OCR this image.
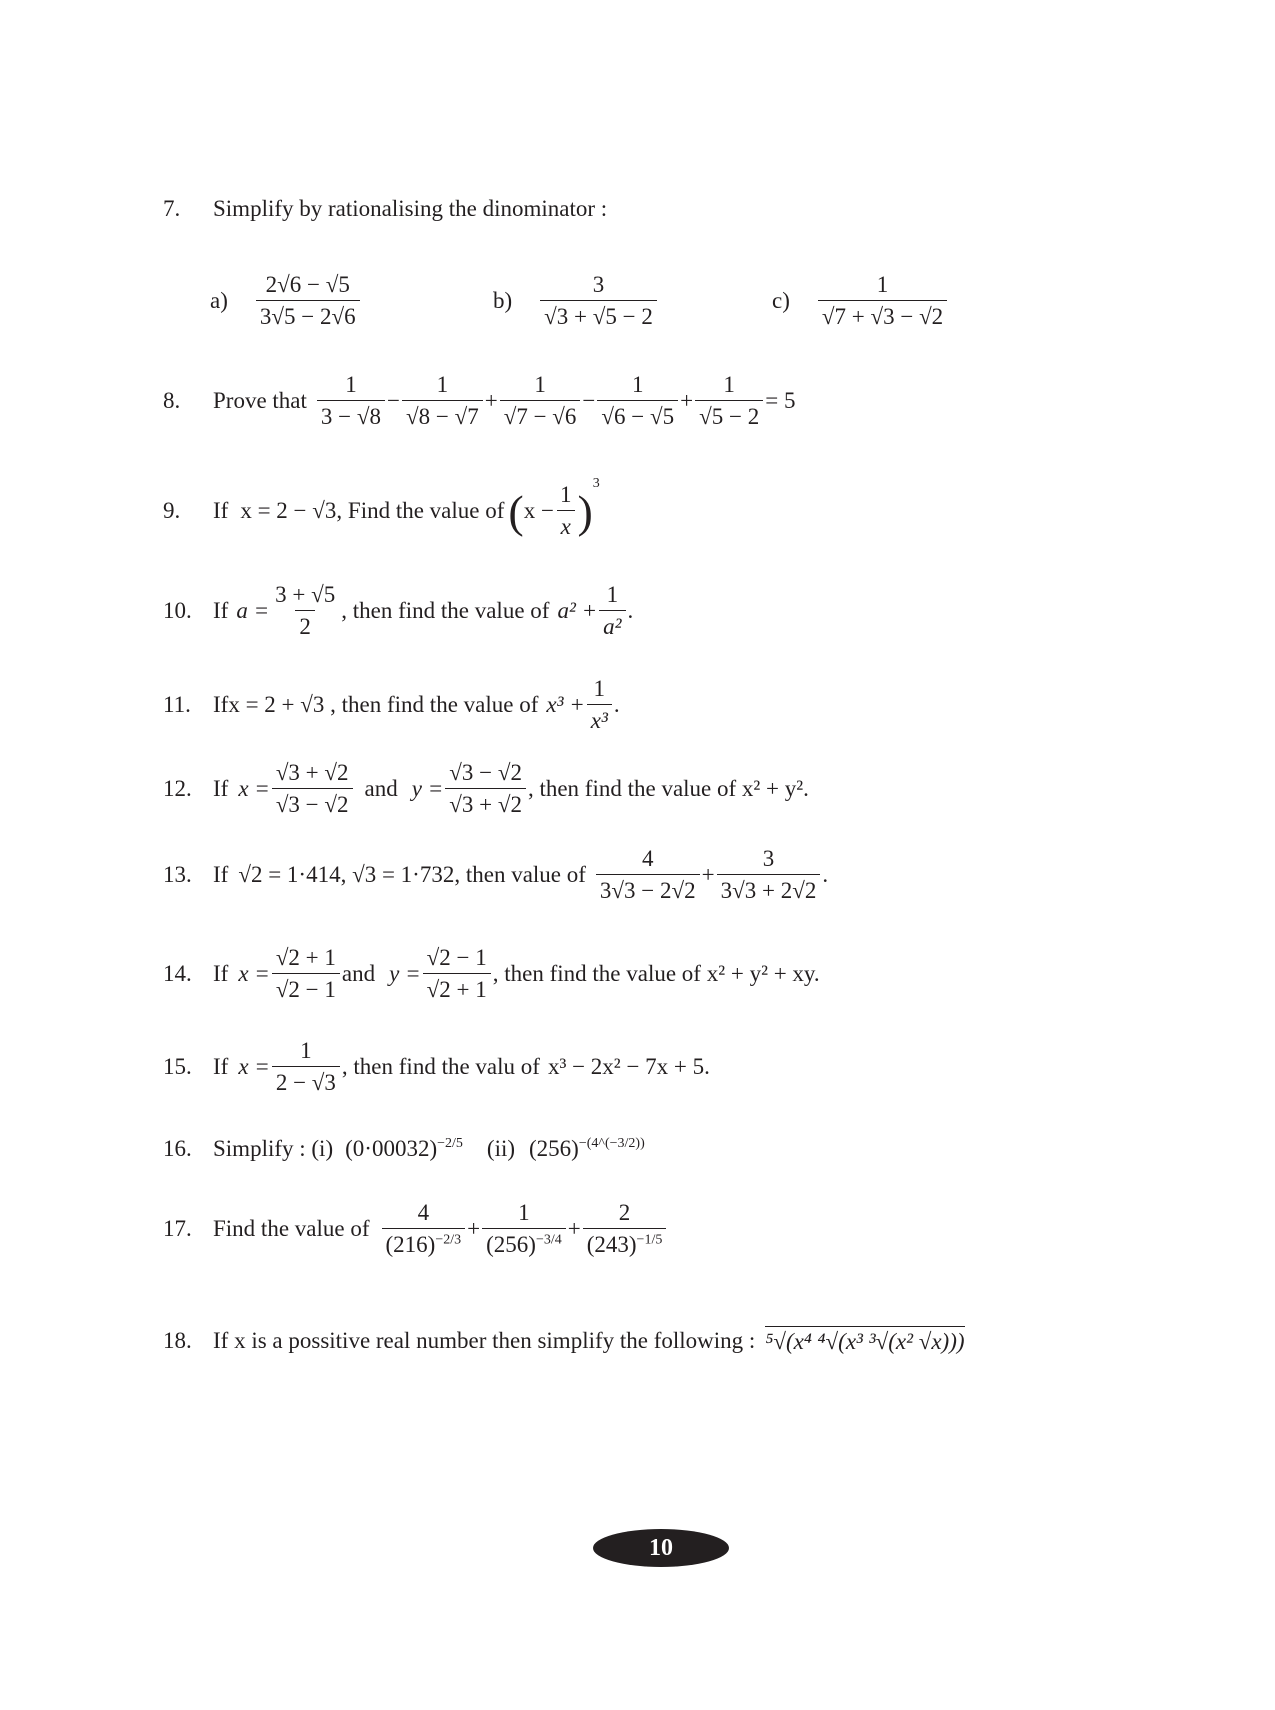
7.	Simplify by rationalising the dinominator :
$a) \frac{2√6 - √5}{3√5 - 2√6}$	$b) \frac{3}{√3 + √5 - 2}$	$c) \frac{1}{√7 + √3 - √2}$
8.	Prove that $\frac{1}{3 - √8} - \frac{1}{√8 - √7} + \frac{1}{√7 - √6} - \frac{1}{√6 - √5} + \frac{1}{√5 - 2} = 5$
9.	If x = 2 − √3 , Find the value of ( $x - \frac{1}{x}$ )
3
10. If $a = \frac{3 + √5}{2}$ , then find the value of $a^2 + \frac{1}{\text{a²}}$ .
11. If x = 2 + √3 , then find the value of $x^3 + \frac{1}{\text{x³}}$ .
12. If $x = \frac{√3 + √2}{√3 - √2}$ and $y = \frac{√3 - √2}{√3 + √2}$ , then find the value of x² + y².
13. If √2 = 1·414, √3 = 1·732 , then value of $\frac{4}{3√3 - 2√2} + \frac{3}{3√3 + 2√2}$ .
14. If $x = \frac{√2 + 1}{√2 - 1}$ and $y = \frac{√2 - 1}{√2 + 1}$ , then find the value of x² + y² + xy.
15. If $x = \frac{1}{2 - √3}$ , then find the valu of x³ − 2x² − 7x + 5.
16. Simplify : (i) (0·00032) −2/5 (ii) (256) −(4^(−3/2))
17. Find the value of $\frac{4}{(216)^{-2/3}} + \frac{1}{(256)^{-3/4}} + \frac{2}{(243)^{-1/5}}$
18. If x is a possitive real number then simplify the following : ⁵√(x⁴ ⁴√(x³ ³√(x² √x)))
10
